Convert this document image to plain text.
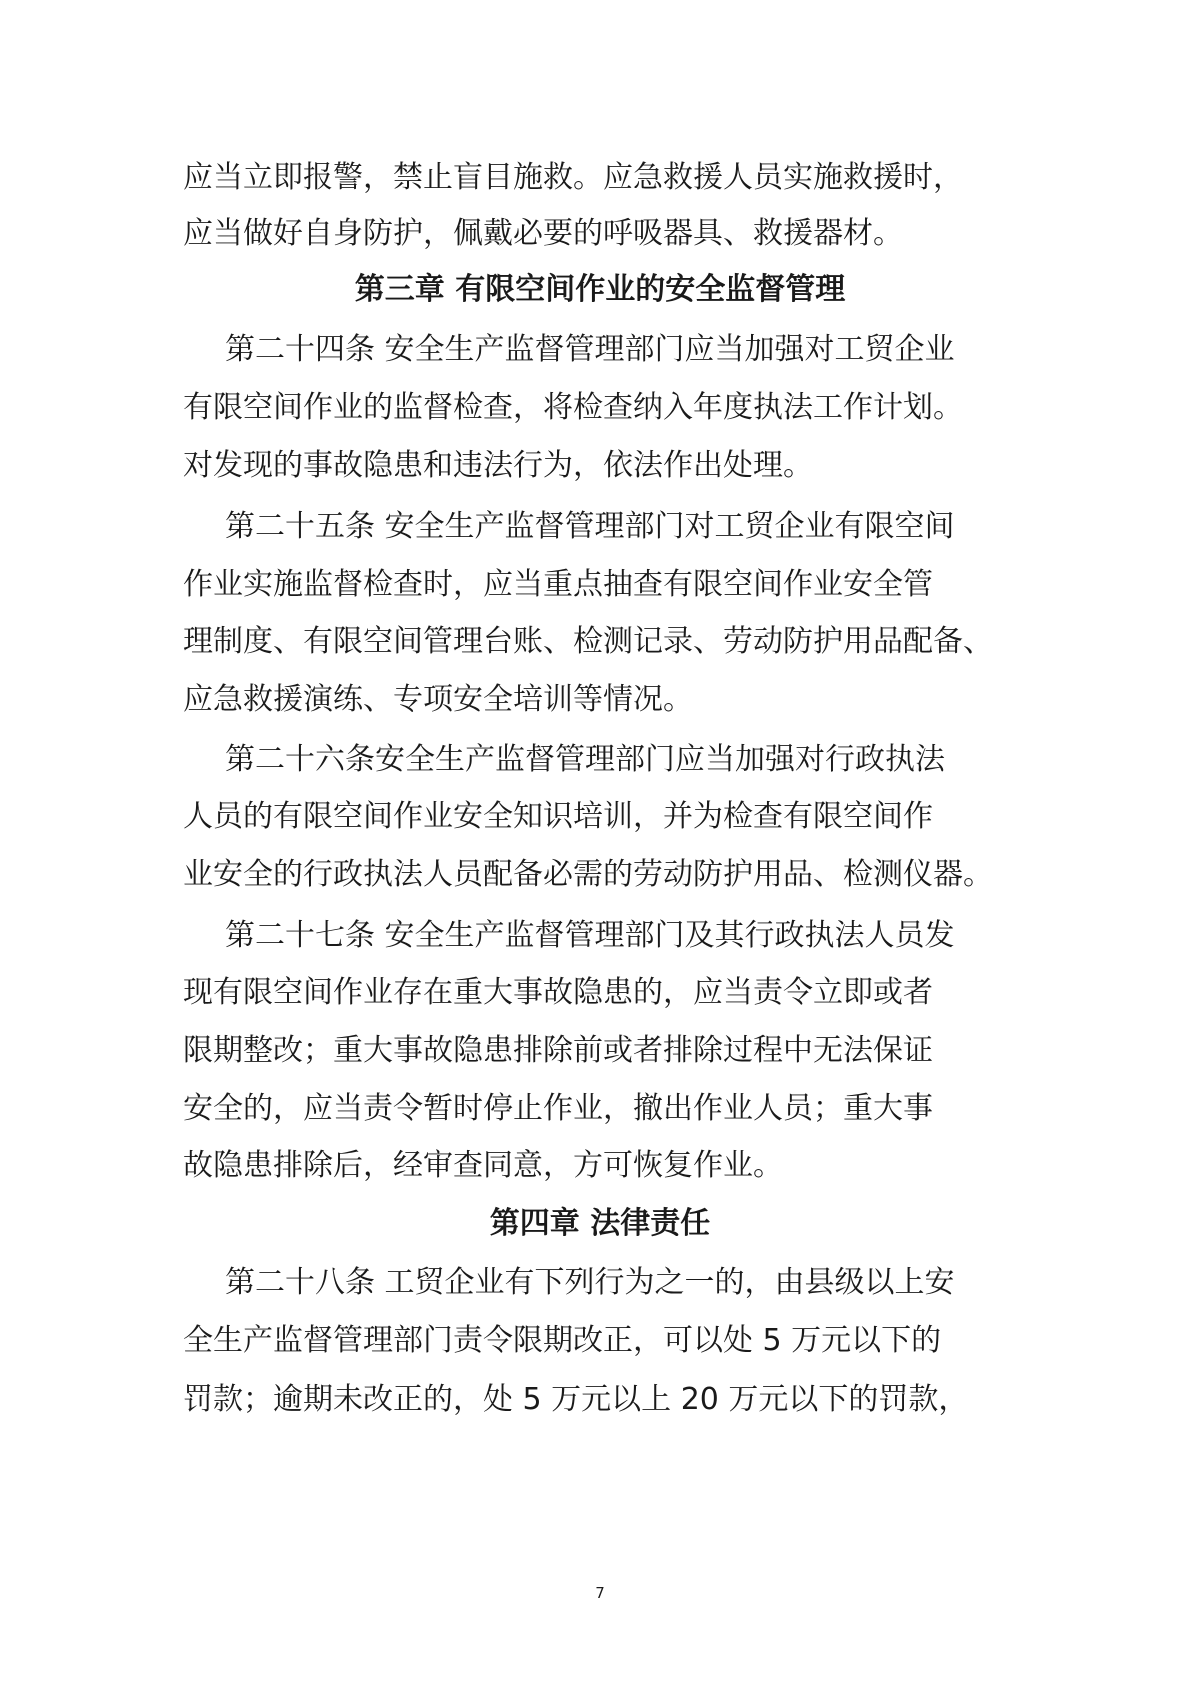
应当立即报警，禁止盲目施救。应急救援人员实施救援时，
应当做好自身防护，佩戴必要的呼吸器具、救援器材。
第三章 有限空间作业的安全监督管理
第二十四条 安全生产监督管理部门应当加强对工贸企业
有限空间作业的监督检查，将检查纳入年度执法工作计划。
对发现的事故隐患和违法行为，依法作出处理。
第二十五条 安全生产监督管理部门对工贸企业有限空间
作业实施监督检查时，应当重点抽查有限空间作业安全管
理制度、有限空间管理台账、检测记录、劳动防护用品配备、
应急救援演练、专项安全培训等情况。
第二十六条安全生产监督管理部门应当加强对行政执法
人员的有限空间作业安全知识培训，并为检查有限空间作
业安全的行政执法人员配备必需的劳动防护用品、检测仪器。
第二十七条 安全生产监督管理部门及其行政执法人员发
现有限空间作业存在重大事故隐患的，应当责令立即或者
限期整改；重大事故隐患排除前或者排除过程中无法保证
安全的，应当责令暂时停止作业，撤出作业人员；重大事
故隐患排除后，经审查同意，方可恢复作业。
第四章 法律责任
第二十八条 工贸企业有下列行为之一的，由县级以上安
全生产监督管理部门责令限期改正，可以处 5 万元以下的
罚款；逾期未改正的，处 5 万元以上 20 万元以下的罚款，
7
